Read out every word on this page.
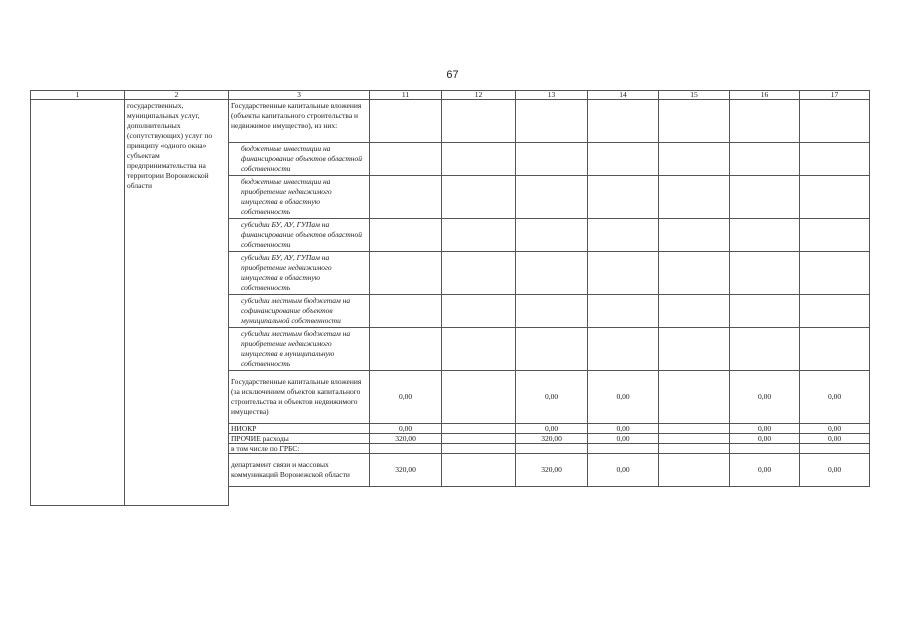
67
1	2	3	11	12	13	14	15	16	17
	государственных, муниципальных услуг, дополнительных (сопутствующих) услуг по принципу «одного окна» субъектам предпринимательства на территории Воронежской области	Государственные капитальные вложения (объекты капитального строительства и недвижимое имущество), из них:							
		бюджетные инвестиции на финансирование объектов областной собственности							
		бюджетные инвестиции на приобретение недвижимого имущества в областную собственность							
		субсидии БУ, АУ, ГУПам на финансирование объектов областной собственности							
		субсидии БУ, АУ, ГУПам на приобретение недвижимого имущества в областную собственность							
		субсидии местным бюджетам на софинансирование объектов муниципальной собственности							
		субсидии местным бюджетам на приобретение недвижимого имущества в муниципальную собственность							
		Государственные капитальные вложения (за исключением объектов капитального строительства и объектов недвижимого имущества)	0,00		0,00	0,00		0,00	0,00
		НИОКР	0,00		0,00	0,00		0,00	0,00
		ПРОЧИЕ расходы	320,00		320,00	0,00		0,00	0,00
		в том числе по ГРБС:							
		департамент связи и массовых коммуникаций Воронежской области	320,00		320,00	0,00		0,00	0,00
